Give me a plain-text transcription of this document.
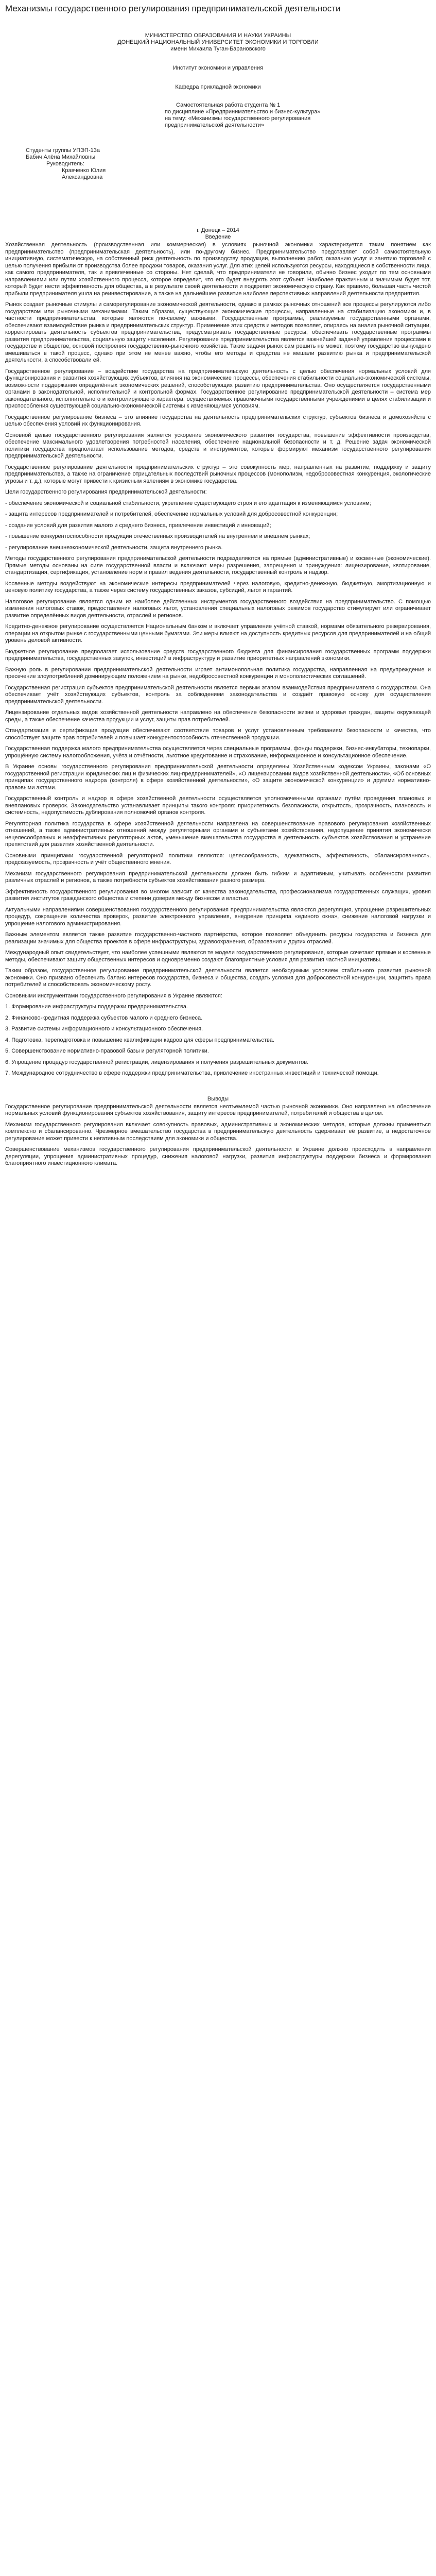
Механизмы государственного регулирования предпринимательской деятельности

МИНИСТЕРСТВО ОБРАЗОВАНИЯ И НАУКИ УКРАИНЫ

ДОНЕЦКИЙ НАЦИОНАЛЬНЫЙ УНИВЕРСИТЕТ ЭКОНОМИКИ И ТОРГОВЛИ

имени Михаила Туган-Барановского

Институт экономики и управления

Кафедра прикладной экономики

Самостоятельная работа студента № 1

по дисциплине «Предпринимательство и бизнес-культура»

на тему: «Механизмы государственного регулирования предпринимательской деятельности»

Студенты группы УПЭП-13а

Бабич Алёна Михайловны

Руководитель:

Кравченко Юлия

Александровна

г. Донецк – 2014

Введение

Хозяйственная деятельность (производственная или коммерческая) в условиях рыночной экономики характеризуется таким понятием как предпринимательство (предпринимательская деятельность), или по-другому бизнес. Предпринимательство представляет собой самостоятельную инициативную, систематическую, на собственный риск деятельность по производству продукции, выполнению работ, оказанию услуг и занятию торговлей с целью получения прибыли от производства более продажи товаров, оказания услуг. Для этих целей используются ресурсы, находящиеся в собственности лица, как самого предпринимателя, так и привлеченные со стороны. Нет сделай, что предприниматели не говорили, обычно бизнес уходит по тем основными направлениями или путям хозяйственного процесса, которое определит, что его будет внедрять этот субъект. Наиболее практичным и значимым будет тот, который будет нести эффективность для общества, а в результате своей деятельности и подкрепит экономическую страну. Как правило, большая часть чистой прибыли предпринимателя ушла на реинвестирование, а также на дальнейшее развитие наиболее перспективных направлений деятельности предприятия.

Рынок создает рыночные стимулы и саморегулирование экономической деятельности, однако в рамках рыночных отношений все процессы регулируются либо государством или рыночными механизмами. Таким образом, существующие экономические процессы, направленные на стабилизацию экономики и, в частности предпринимательства, которые являются по-своему важными. Государственные программы, реализуемые государственными органами, обеспечивают взаимодействие рынка и предпринимательских структур. Применение этих средств и методов позволяет, опираясь на анализ рыночной ситуации, корректировать деятельность субъектов предпринимательства, предусматривать государственные ресурсы, обеспечивать государственные программы развития предпринимательства, социальную защиту населения. Регулирование предпринимательства является важнейшей задачей управления процессами в государстве и обществе, основой построения государственно-рыночного хозяйства. Такие задачи рынок сам решить не может, поэтому государство вынуждено вмешиваться в такой процесс, однако при этом не менее важно, чтобы его методы и средства не мешали развитию рынка и предпринимательской деятельности, а способствовали ей.

Государственное регулирование – воздействие государства на предпринимательскую деятельность с целью обеспечения нормальных условий для функционирования и развития хозяйствующих субъектов, влияния на экономические процессы, обеспечения стабильности социально-экономической системы, возможности поддержания определённых экономических решений, способствующих развитию предпринимательства. Оно осуществляется государственными органами в законодательной, исполнительной и контрольной формах. Государственное регулирование предпринимательской деятельности – система мер законодательного, исполнительного и контролирующего характера, осуществляемых правомочными государственными учреждениями в целях стабилизации и приспособления существующей социально-экономической системы к изменяющимся условиям.

Государственное регулирование бизнеса – это влияние государства на деятельность предпринимательских структур, субъектов бизнеса и домохозяйств с целью обеспечения условий их функционирования.

Основной целью государственного регулирования является ускорение экономического развития государства, повышение эффективности производства, обеспечение максимального удовлетворения потребностей населения, обеспечение национальной безопасности и т. д. Решение задач экономической политики государства предполагает использование методов, средств и инструментов, которые формируют механизм государственного регулирования предпринимательской деятельности.

Государственное регулирование деятельности предпринимательских структур – это совокупность мер, направленных на развитие, поддержку и защиту предпринимательства, а также на ограничение отрицательных последствий рыночных процессов (монополизм, недобросовестная конкуренция, экологические угрозы и т. д.), которые могут привести к кризисным явлениям в экономике государства.

Цели государственного регулирования предпринимательской деятельности:

- обеспечение экономической и социальной стабильности, укрепление существующего строя и его адаптация к изменяющимся условиям;

- защита интересов предпринимателей и потребителей, обеспечение нормальных условий для добросовестной конкуренции;

- создание условий для развития малого и среднего бизнеса, привлечение инвестиций и инноваций;

- повышение конкурентоспособности продукции отечественных производителей на внутреннем и внешнем рынках;

- регулирование внешнеэкономической деятельности, защита внутреннего рынка.

Методы государственного регулирования предпринимательской деятельности подразделяются на прямые (административные) и косвенные (экономические). Прямые методы основаны на силе государственной власти и включают меры разрешения, запрещения и принуждения: лицензирование, квотирование, стандартизация, сертификация, установление норм и правил ведения деятельности, государственный контроль и надзор.

Косвенные методы воздействуют на экономические интересы предпринимателей через налоговую, кредитно-денежную, бюджетную, амортизационную и ценовую политику государства, а также через систему государственных заказов, субсидий, льгот и гарантий.

Налоговое регулирование является одним из наиболее действенных инструментов государственного воздействия на предпринимательство. С помощью изменения налоговых ставок, предоставления налоговых льгот, установления специальных налоговых режимов государство стимулирует или ограничивает развитие определённых видов деятельности, отраслей и регионов.

Кредитно-денежное регулирование осуществляется Национальным банком и включает управление учётной ставкой, нормами обязательного резервирования, операции на открытом рынке с государственными ценными бумагами. Эти меры влияют на доступность кредитных ресурсов для предпринимателей и на общий уровень деловой активности.

Бюджетное регулирование предполагает использование средств государственного бюджета для финансирования государственных программ поддержки предпринимательства, государственных закупок, инвестиций в инфраструктуру и развитие приоритетных направлений экономики.

Важную роль в регулировании предпринимательской деятельности играет антимонопольная политика государства, направленная на предупреждение и пресечение злоупотреблений доминирующим положением на рынке, недобросовестной конкуренции и монополистических соглашений.

Государственная регистрация субъектов предпринимательской деятельности является первым этапом взаимодействия предпринимателя с государством. Она обеспечивает учёт хозяйствующих субъектов, контроль за соблюдением законодательства и создаёт правовую основу для осуществления предпринимательской деятельности.

Лицензирование отдельных видов хозяйственной деятельности направлено на обеспечение безопасности жизни и здоровья граждан, защиты окружающей среды, а также обеспечение качества продукции и услуг, защиты прав потребителей.

Стандартизация и сертификация продукции обеспечивают соответствие товаров и услуг установленным требованиям безопасности и качества, что способствует защите прав потребителей и повышает конкурентоспособность отечественной продукции.

Государственная поддержка малого предпринимательства осуществляется через специальные программы, фонды поддержки, бизнес-инкубаторы, технопарки, упрощённую систему налогообложения, учёта и отчётности, льготное кредитование и страхование, информационное и консультационное обеспечение.

В Украине основы государственного регулирования предпринимательской деятельности определены Хозяйственным кодексом Украины, законами «О государственной регистрации юридических лиц и физических лиц-предпринимателей», «О лицензировании видов хозяйственной деятельности», «Об основных принципах государственного надзора (контроля) в сфере хозяйственной деятельности», «О защите экономической конкуренции» и другими нормативно-правовыми актами.

Государственный контроль и надзор в сфере хозяйственной деятельности осуществляется уполномоченными органами путём проведения плановых и внеплановых проверок. Законодательство устанавливает принципы такого контроля: приоритетность безопасности, открытость, прозрачность, плановость и системность, недопустимость дублирования полномочий органов контроля.

Регуляторная политика государства в сфере хозяйственной деятельности направлена на совершенствование правового регулирования хозяйственных отношений, а также административных отношений между регуляторными органами и субъектами хозяйствования, недопущение принятия экономически нецелесообразных и неэффективных регуляторных актов, уменьшение вмешательства государства в деятельность субъектов хозяйствования и устранение препятствий для развития хозяйственной деятельности.

Основными принципами государственной регуляторной политики являются: целесообразность, адекватность, эффективность, сбалансированность, предсказуемость, прозрачность и учёт общественного мнения.

Механизм государственного регулирования предпринимательской деятельности должен быть гибким и адаптивным, учитывать особенности развития различных отраслей и регионов, а также потребности субъектов хозяйствования разного размера.

Эффективность государственного регулирования во многом зависит от качества законодательства, профессионализма государственных служащих, уровня развития институтов гражданского общества и степени доверия между бизнесом и властью.

Актуальными направлениями совершенствования государственного регулирования предпринимательства являются дерегуляция, упрощение разрешительных процедур, сокращение количества проверок, развитие электронного управления, внедрение принципа «единого окна», снижение налоговой нагрузки и упрощение налогового администрирования.

Важным элементом является также развитие государственно-частного партнёрства, которое позволяет объединить ресурсы государства и бизнеса для реализации значимых для общества проектов в сфере инфраструктуры, здравоохранения, образования и других отраслей.

Международный опыт свидетельствует, что наиболее успешными являются те модели государственного регулирования, которые сочетают прямые и косвенные методы, обеспечивают защиту общественных интересов и одновременно создают благоприятные условия для развития частной инициативы.

Таким образом, государственное регулирование предпринимательской деятельности является необходимым условием стабильного развития рыночной экономики. Оно призвано обеспечить баланс интересов государства, бизнеса и общества, создать условия для добросовестной конкуренции, защитить права потребителей и способствовать экономическому росту.

Основными инструментами государственного регулирования в Украине являются:

1. Формирование инфраструктуры поддержки предпринимательства.

2. Финансово-кредитная поддержка субъектов малого и среднего бизнеса.

3. Развитие системы информационного и консультационного обеспечения.

4. Подготовка, переподготовка и повышение квалификации кадров для сферы предпринимательства.

5. Совершенствование нормативно-правовой базы и регуляторной политики.

6. Упрощение процедур государственной регистрации, лицензирования и получения разрешительных документов.

7. Международное сотрудничество в сфере поддержки предпринимательства, привлечение иностранных инвестиций и технической помощи.

Выводы

Государственное регулирование предпринимательской деятельности является неотъемлемой частью рыночной экономики. Оно направлено на обеспечение нормальных условий функционирования субъектов хозяйствования, защиту интересов предпринимателей, потребителей и общества в целом.

Механизм государственного регулирования включает совокупность правовых, административных и экономических методов, которые должны применяться комплексно и сбалансированно. Чрезмерное вмешательство государства в предпринимательскую деятельность сдерживает её развитие, а недостаточное регулирование может привести к негативным последствиям для экономики и общества.

Совершенствование механизмов государственного регулирования предпринимательской деятельности в Украине должно происходить в направлении дерегуляции, упрощения административных процедур, снижения налоговой нагрузки, развития инфраструктуры поддержки бизнеса и формирования благоприятного инвестиционного климата.
